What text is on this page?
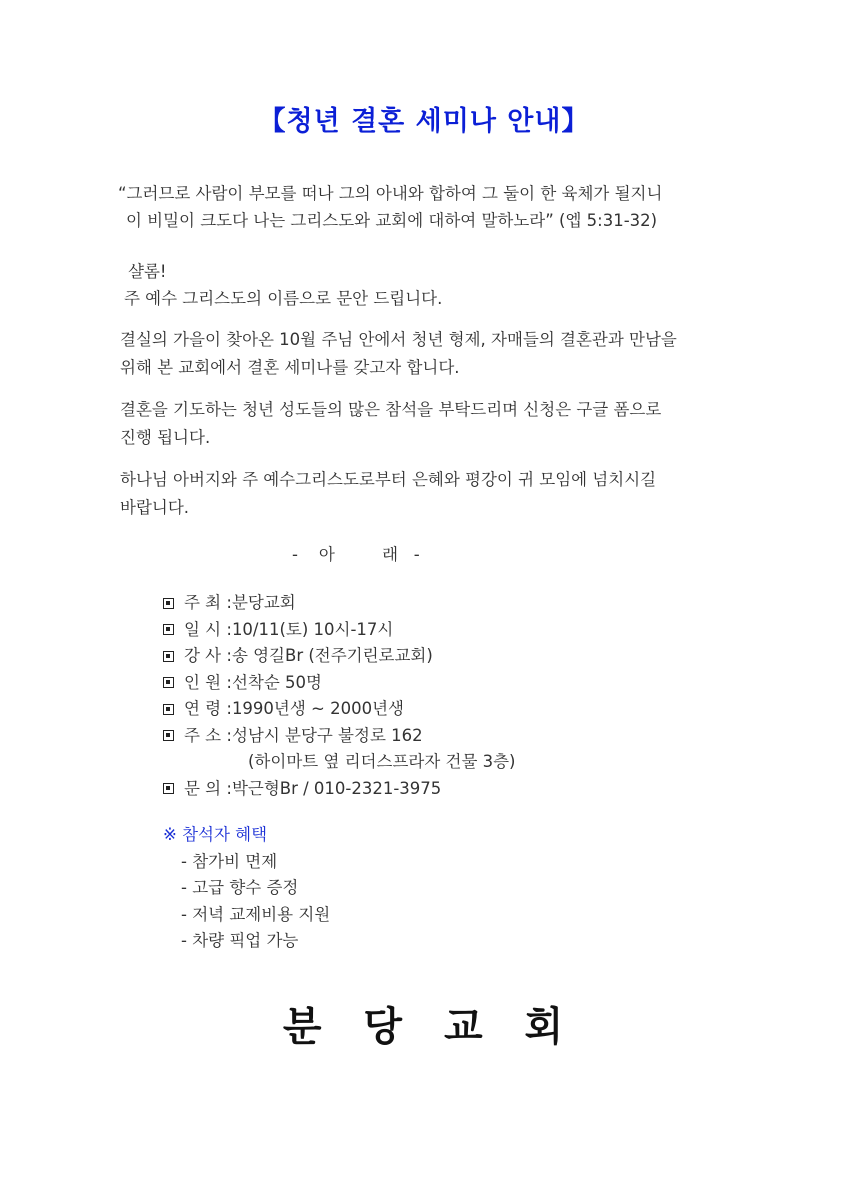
【청년 결혼 세미나 안내】
“그러므로 사람이 부모를 떠나 그의 아내와 합하여 그 둘이 한 육체가 될지니
이 비밀이 크도다 나는 그리스도와 교회에 대하여 말하노라” (엡 5:31-32)
샬롬!
주 예수 그리스도의 이름으로 문안 드립니다.
결실의 가을이 찾아온 10월 주님 안에서 청년 형제, 자매들의 결혼관과 만남을
위해 본 교회에서 결혼 세미나를 갖고자 합니다.
결혼을 기도하는 청년 성도들의 많은 참석을 부탁드리며 신청은 구글 폼으로
진행 됩니다.
하나님 아버지와 주 예수그리스도로부터 은혜와 평강이 귀 모임에 넘치시길
바랍니다.
-    아         래   -
주 최 : 분당교회
일 시 : 10/11(토) 10시-17시
강 사 : 송 영길Br (전주기린로교회)
인 원 : 선착순 50명
연 령 : 1990년생 ~ 2000년생
주 소 : 성남시 분당구 불정로 162
(하이마트 옆 리더스프라자 건물 3층)
문 의 : 박근형Br / 010-2321-3975
※ 참석자 혜택
- 참가비 면제
- 고급 향수 증정
- 저녁 교제비용 지원
- 차량 픽업 가능
분 당 교 회
